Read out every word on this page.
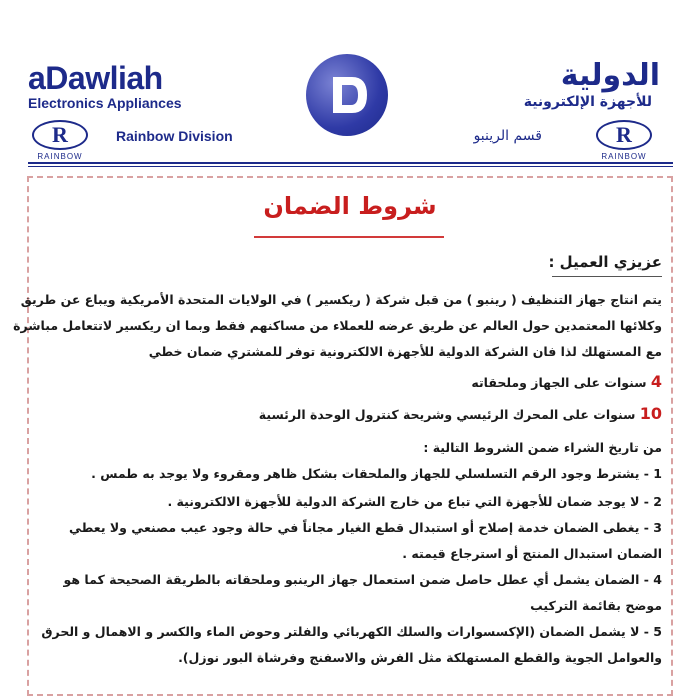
aDawliah
Electronics Appliances
R
RAINBOW
Rainbow Division
الدولية
للأجهزة الإلكترونية
قسم الرينبو	R
RAINBOW
شروط الضمان
عزيزي العميل :
يتم انتاج جهاز التنظيف ( رينبو ) من قبل شركة ( ريكسير ) في الولايات المتحدة الأمريكية ويباع عن طريق
وكلائها المعتمدين حول العالم عن طريق عرضه للعملاء من مساكنهم فقط وبما ان ريكسير لاتتعامل مباشرة
مع المستهلك لذا فان الشركة الدولية للأجهزة الالكترونية توفر للمشتري ضمان خطي
4 سنوات على الجهاز وملحقاته
10 سنوات على المحرك الرئيسي وشريحة كنترول الوحدة الرئسية
من تاريخ الشراء ضمن الشروط التالية :
1 - يشترط وجود الرقم التسلسلي للجهاز والملحقات بشكل ظاهر ومقروء ولا يوجد به طمس .
2 - لا يوجد ضمان للأجهزة التي تباع من خارج الشركة الدولية للأجهزة الالكترونية .
3 - يغطى الضمان خدمة إصلاح أو استبدال قطع الغيار مجاناً في حالة وجود عيب مصنعي ولا يعطي
الضمان استبدال المنتج أو استرجاع قيمته .
4 - الضمان يشمل أي عطل حاصل ضمن استعمال جهاز الرينبو وملحقاته بالطريقة الصحيحة كما هو
موضح بقائمة التركيب
5 - لا يشمل الضمان (الإكسسوارات والسلك الكهربائي والفلتر وحوض الماء والكسر و الاهمال و الحرق
والعوامل الجوية والقطع المستهلكة مثل الفرش والاسفنج وفرشاة البور نوزل).
